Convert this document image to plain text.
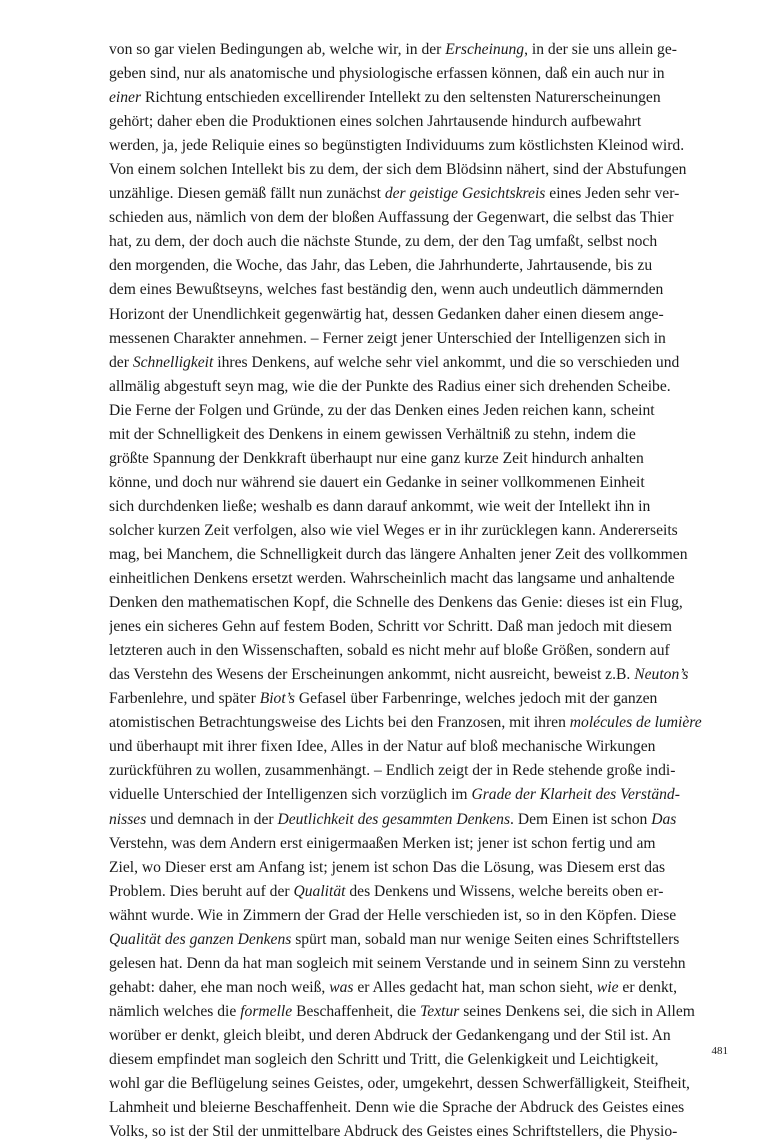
von so gar vielen Bedingungen ab, welche wir, in der Erscheinung, in der sie uns allein ge-
geben sind, nur als anatomische und physiologische erfassen können, daß ein auch nur in
einer Richtung entschieden excellirender Intellekt zu den seltensten Naturerscheinungen
gehört; daher eben die Produktionen eines solchen Jahrtausende hindurch aufbewahrt
werden, ja, jede Reliquie eines so begünstigten Individuums zum köstlichsten Kleinod wird.
Von einem solchen Intellekt bis zu dem, der sich dem Blödsinn nähert, sind der Abstufungen
unzählige. Diesen gemäß fällt nun zunächst der geistige Gesichtskreis eines Jeden sehr ver-
schieden aus, nämlich von dem der bloßen Auffassung der Gegenwart, die selbst das Thier
hat, zu dem, der doch auch die nächste Stunde, zu dem, der den Tag umfaßt, selbst noch
den morgenden, die Woche, das Jahr, das Leben, die Jahrhunderte, Jahrtausende, bis zu
dem eines Bewußtseyns, welches fast beständig den, wenn auch undeutlich dämmernden
Horizont der Unendlichkeit gegenwärtig hat, dessen Gedanken daher einen diesem ange-
messenen Charakter annehmen. – Ferner zeigt jener Unterschied der Intelligenzen sich in
der Schnelligkeit ihres Denkens, auf welche sehr viel ankommt, und die so verschieden und
allmälig abgestuft seyn mag, wie die der Punkte des Radius einer sich drehenden Scheibe.
Die Ferne der Folgen und Gründe, zu der das Denken eines Jeden reichen kann, scheint
mit der Schnelligkeit des Denkens in einem gewissen Verhältniß zu stehn, indem die
größte Spannung der Denkkraft überhaupt nur eine ganz kurze Zeit hindurch anhalten
könne, und doch nur während sie dauert ein Gedanke in seiner vollkommenen Einheit
sich durchdenken ließe; weshalb es dann darauf ankommt, wie weit der Intellekt ihn in
solcher kurzen Zeit verfolgen, also wie viel Weges er in ihr zurücklegen kann. Andererseits
mag, bei Manchem, die Schnelligkeit durch das längere Anhalten jener Zeit des vollkommen
einheitlichen Denkens ersetzt werden. Wahrscheinlich macht das langsame und anhaltende
Denken den mathematischen Kopf, die Schnelle des Denkens das Genie: dieses ist ein Flug,
jenes ein sicheres Gehn auf festem Boden, Schritt vor Schritt. Daß man jedoch mit diesem
letzteren auch in den Wissenschaften, sobald es nicht mehr auf bloße Größen, sondern auf
das Verstehn des Wesens der Erscheinungen ankommt, nicht ausreicht, beweist z.B. Neuton’s
Farbenlehre, und später Biot’s Gefasel über Farbenringe, welches jedoch mit der ganzen
atomistischen Betrachtungsweise des Lichts bei den Franzosen, mit ihren molécules de lumière
und überhaupt mit ihrer fixen Idee, Alles in der Natur auf bloß mechanische Wirkungen
zurückführen zu wollen, zusammenhängt. – Endlich zeigt der in Rede stehende große indi-
viduelle Unterschied der Intelligenzen sich vorzüglich im Grade der Klarheit des Verständ-
nisses und demnach in der Deutlichkeit des gesammten Denkens. Dem Einen ist schon Das
Verstehn, was dem Andern erst einigermaaßen Merken ist; jener ist schon fertig und am
Ziel, wo Dieser erst am Anfang ist; jenem ist schon Das die Lösung, was Diesem erst das
Problem. Dies beruht auf der Qualität des Denkens und Wissens, welche bereits oben er-
wähnt wurde. Wie in Zimmern der Grad der Helle verschieden ist, so in den Köpfen. Diese
Qualität des ganzen Denkens spürt man, sobald man nur wenige Seiten eines Schriftstellers
gelesen hat. Denn da hat man sogleich mit seinem Verstande und in seinem Sinn zu verstehn
gehabt: daher, ehe man noch weiß, was er Alles gedacht hat, man schon sieht, wie er denkt,
nämlich welches die formelle Beschaffenheit, die Textur seines Denkens sei, die sich in Allem
worüber er denkt, gleich bleibt, und deren Abdruck der Gedankengang und der Stil ist. An
diesem empfindet man sogleich den Schritt und Tritt, die Gelenkigkeit und Leichtigkeit,
wohl gar die Beflügelung seines Geistes, oder, umgekehrt, dessen Schwerfälligkeit, Steifheit,
Lahmheit und bleierne Beschaffenheit. Denn wie die Sprache der Abdruck des Geistes eines
Volks, so ist der Stil der unmittelbare Abdruck des Geistes eines Schriftstellers, die Physio-
481
